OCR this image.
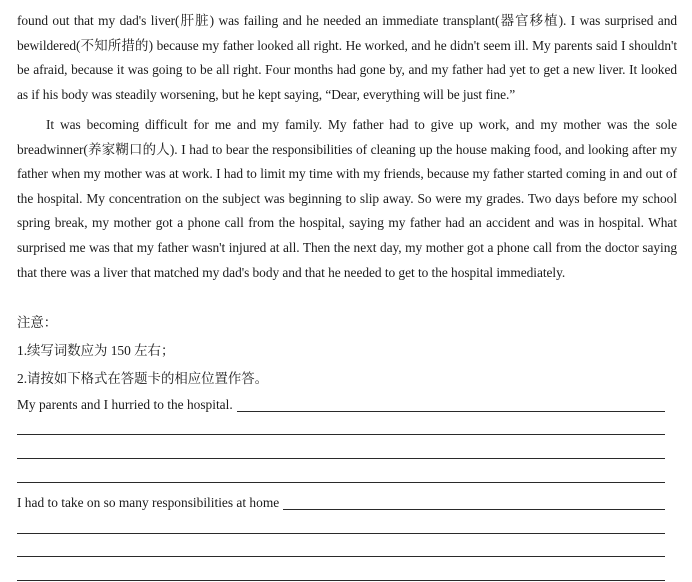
found out that my dad's liver(肝脏) was failing and he needed an immediate transplant(器官移植). I was surprised and bewildered(不知所措的) because my father looked all right. He worked, and he didn't seem ill. My parents said I shouldn't be afraid, because it was going to be all right. Four months had gone by, and my father had yet to get a new liver. It looked as if his body was steadily worsening, but he kept saying, “Dear, everything will be just fine.”

It was becoming difficult for me and my family. My father had to give up work, and my mother was the sole breadwinner(养家糊口的人). I had to bear the responsibilities of cleaning up the house making food, and looking after my father when my mother was at work. I had to limit my time with my friends, because my father started coming in and out of the hospital. My concentration on the subject was beginning to slip away. So were my grades. Two days before my school spring break, my mother got a phone call from the hospital, saying my father had an accident and was in hospital. What surprised me was that my father wasn't injured at all. Then the next day, my mother got a phone call from the doctor saying that there was a liver that matched my dad's body and that he needed to get to the hospital immediately.

注意：

1.续写词数应为 150 左右；

2.请按如下格式在答题卡的相应位置作答。

My parents and I hurried to the hospital.
I had to take on so many responsibilities at home
